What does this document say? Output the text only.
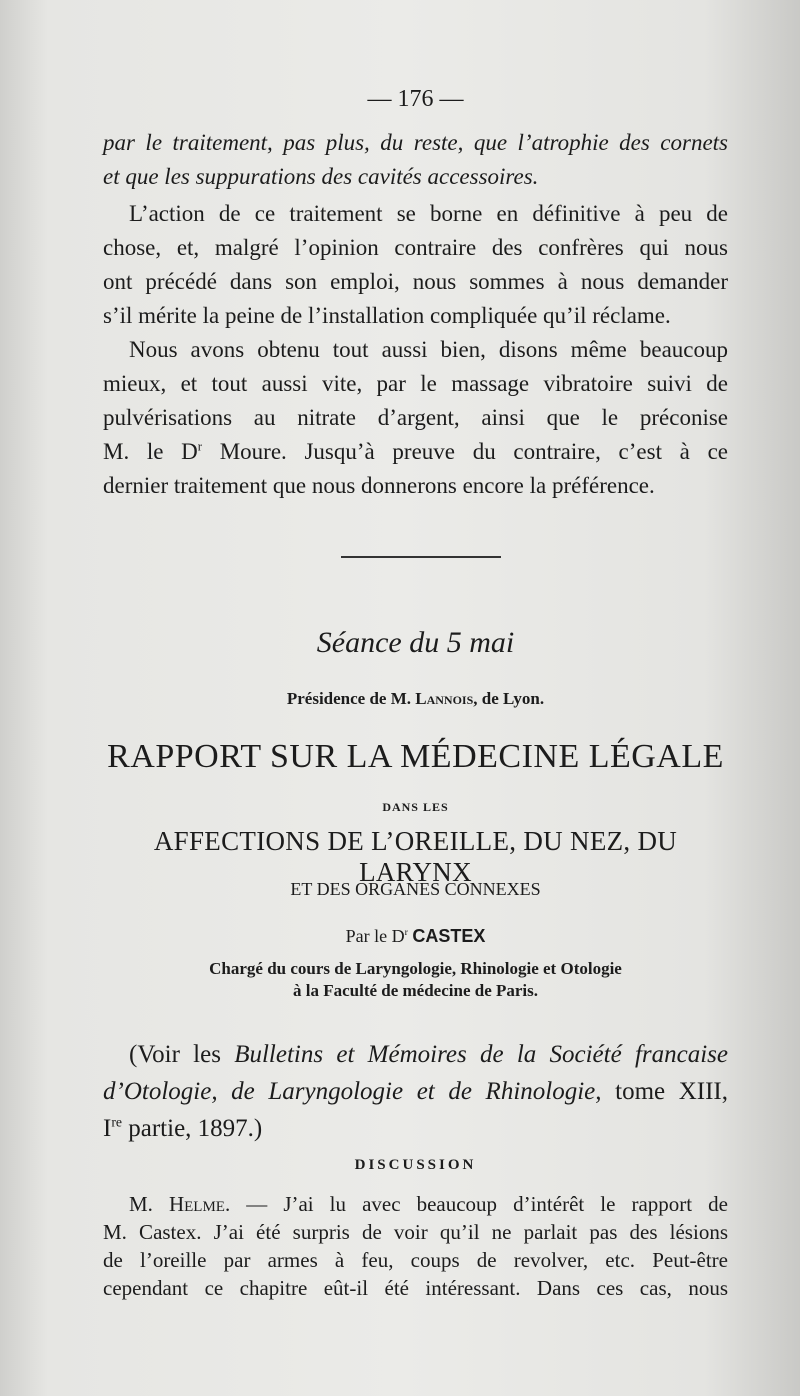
— 176 —
par le traitement, pas plus, du reste, que l’atrophie des cornets
et que les suppurations des cavités accessoires.
L’action de ce traitement se borne en définitive à peu de
chose, et, malgré l’opinion contraire des confrères qui nous
ont précédé dans son emploi, nous sommes à nous demander
s’il mérite la peine de l’installation compliquée qu’il réclame.
Nous avons obtenu tout aussi bien, disons même beaucoup
mieux, et tout aussi vite, par le massage vibratoire suivi de
pulvérisations au nitrate d’argent, ainsi que le préconise
M. le $D^r$ Moure. Jusqu’à preuve du contraire, c’est à ce
dernier traitement que nous donnerons encore la préférence.
Séance du 5 mai
Présidence de M. Lannois, de Lyon.
RAPPORT SUR LA MÉDECINE LÉGALE
DANS LES
AFFECTIONS DE L’OREILLE, DU NEZ, DU LARYNX
ET DES ORGANES CONNEXES
Par le $D^r$ CASTEX
Chargé du cours de Laryngologie, Rhinologie et Otologie
à la Faculté de médecine de Paris.
(Voir les Bulletins et Mémoires de la Société francaise
d’Otologie, de Laryngologie et de Rhinologie, tome XIII,
Ire partie, 1897.)
DISCUSSION
M. Helme. — J’ai lu avec beaucoup d’intérêt le rapport de
M. Castex. J’ai été surpris de voir qu’il ne parlait pas des lésions
de l’oreille par armes à feu, coups de revolver, etc. Peut-être
cependant ce chapitre eût-il été intéressant. Dans ces cas, nous
